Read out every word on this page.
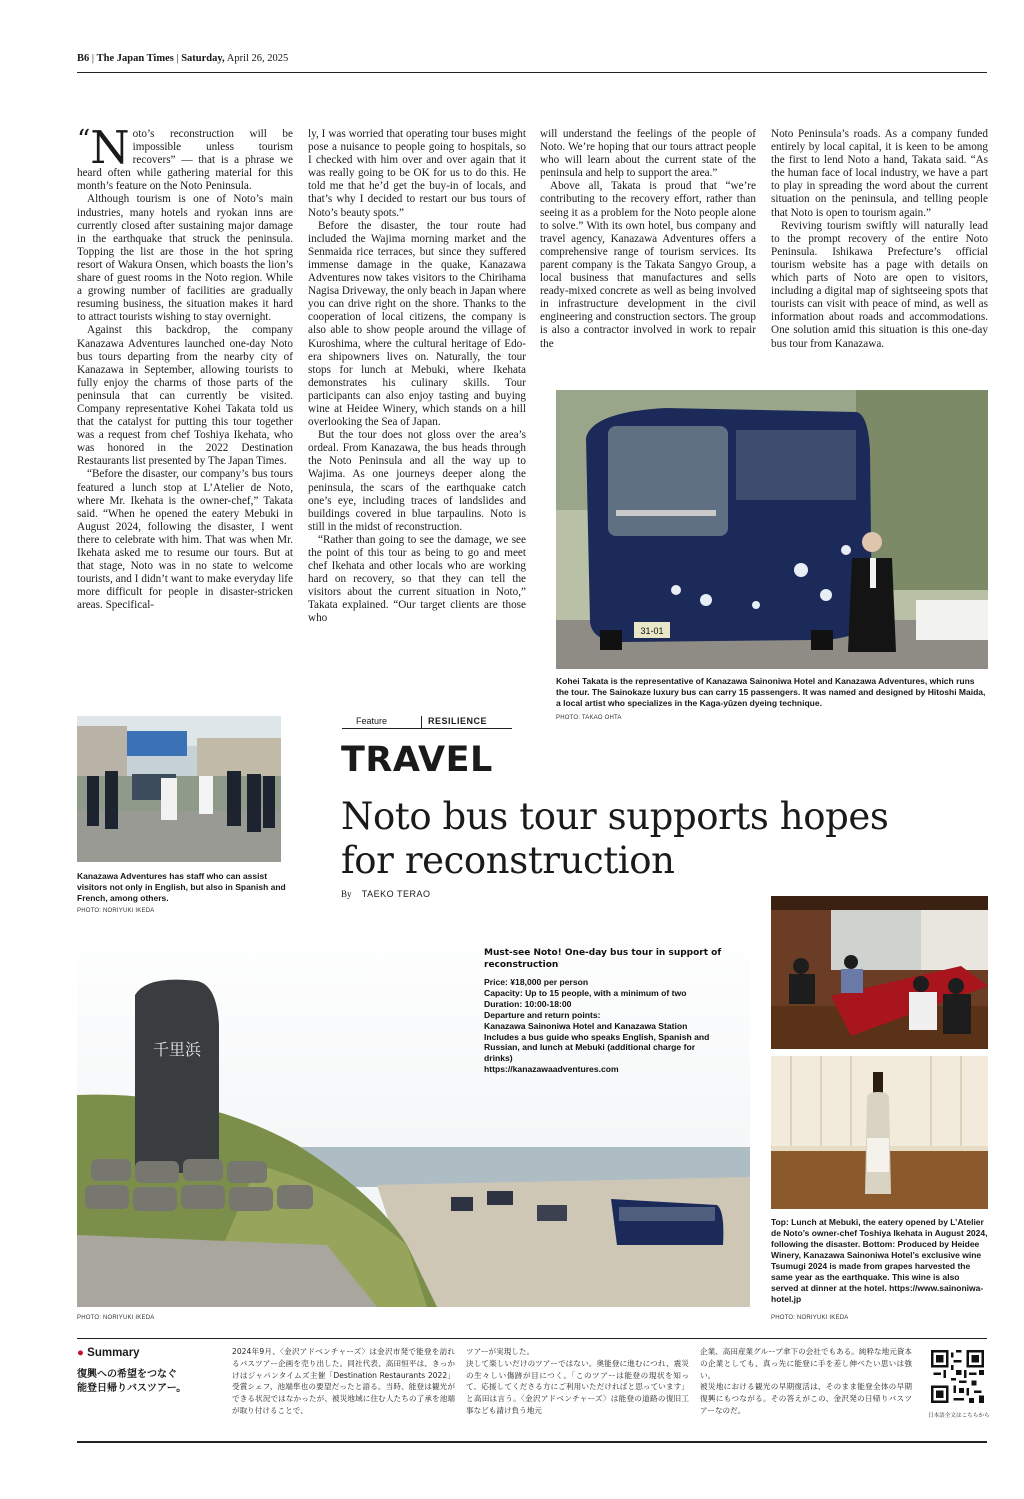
B6 | The Japan Times | Saturday, April 26, 2025

“N oto’s reconstruction will be impossible unless tourism recovers” — that is a phrase we heard often while gathering material for this month’s feature on the Noto Peninsula.

Although tourism is one of Noto’s main industries, many hotels and ryokan inns are currently closed after sustaining major damage in the earthquake that struck the peninsula. Topping the list are those in the hot spring resort of Wakura Onsen, which boasts the lion’s share of guest rooms in the Noto region. While a growing number of facilities are gradually resuming business, the situation makes it hard to attract tourists wishing to stay overnight.

Against this backdrop, the company Kanazawa Adventures launched one-day Noto bus tours departing from the nearby city of Kanazawa in September, allowing tourists to fully enjoy the charms of those parts of the peninsula that can currently be visited. Company representative Kohei Takata told us that the catalyst for putting this tour together was a request from chef Toshiya Ikehata, who was honored in the 2022 Destination Restaurants list presented by The Japan Times.

“Before the disaster, our company’s bus tours featured a lunch stop at L’Atelier de Noto, where Mr. Ikehata is the owner-chef,” Takata said. “When he opened the eatery Mebuki in August 2024, following the disaster, I went there to celebrate with him. That was when Mr. Ikehata asked me to resume our tours. But at that stage, Noto was in no state to welcome tourists, and I didn’t want to make everyday life more difficult for people in disaster-stricken areas. Specifical-

ly, I was worried that operating tour buses might pose a nuisance to people going to hospitals, so I checked with him over and over again that it was really going to be OK for us to do this. He told me that he’d get the buy-in of locals, and that’s why I decided to restart our bus tours of Noto’s beauty spots.”

Before the disaster, the tour route had included the Wajima morning market and the Senmaida rice terraces, but since they suffered immense damage in the quake, Kanazawa Adventures now takes visitors to the Chirihama Nagisa Driveway, the only beach in Japan where you can drive right on the shore. Thanks to the cooperation of local citizens, the company is also able to show people around the village of Kuroshima, where the cultural heritage of Edo-era shipowners lives on. Naturally, the tour stops for lunch at Mebuki, where Ikehata demonstrates his culinary skills. Tour participants can also enjoy tasting and buying wine at Heidee Winery, which stands on a hill overlooking the Sea of Japan.

But the tour does not gloss over the area’s ordeal. From Kanazawa, the bus heads through the Noto Peninsula and all the way up to Wajima. As one journeys deeper along the peninsula, the scars of the earthquake catch one’s eye, including traces of landslides and buildings covered in blue tarpaulins. Noto is still in the midst of reconstruction.

“Rather than going to see the damage, we see the point of this tour as being to go and meet chef Ikehata and other locals who are working hard on recovery, so that they can tell the visitors about the current situation in Noto,” Takata explained. “Our target clients are those who

will understand the feelings of the people of Noto. We’re hoping that our tours attract people who will learn about the current state of the peninsula and help to support the area.”

Above all, Takata is proud that “we’re contributing to the recovery effort, rather than seeing it as a problem for the Noto people alone to solve.” With its own hotel, bus company and travel agency, Kanazawa Adventures offers a comprehensive range of tourism services. Its parent company is the Takata Sangyo Group, a local business that manufactures and sells ready-mixed concrete as well as being involved in infrastructure development in the civil engineering and construction sectors. The group is also a contractor involved in work to repair the

Noto Peninsula’s roads. As a company funded entirely by local capital, it is keen to be among the first to lend Noto a hand, Takata said. “As the human face of local industry, we have a part to play in spreading the word about the current situation on the peninsula, and telling people that Noto is open to tourism again.”

Reviving tourism swiftly will naturally lead to the prompt recovery of the entire Noto Peninsula. Ishikawa Prefecture’s official tourism website has a page with details on which parts of Noto are open to visitors, including a digital map of sightseeing spots that tourists can visit with peace of mind, as well as information about roads and accommodations. One solution amid this situation is this one-day bus tour from Kanazawa.

31-01
Kohei Takata is the representative of Kanazawa Sainoniwa Hotel and Kanazawa Adventures, which runs the tour. The Sainokaze luxury bus can carry 15 passengers. It was named and designed by Hitoshi Maida, a local artist who specializes in the Kaga-yūzen dyeing technique.
PHOTO: TAKAO OHTA
Kanazawa Adventures has staff who can assist visitors not only in English, but also in Spanish and French, among others.
PHOTO: NORIYUKI IKEDA
Feature	RESILIENCE
TRAVEL
Noto bus tour supports hopes for reconstruction
By TAEKO TERAO
千里浜
PHOTO: NORIYUKI IKEDA
Must-see Noto! One-day bus tour in support of reconstruction
Price: ¥18,000 per person
Capacity: Up to 15 people, with a minimum of two
Duration: 10:00-18:00
Departure and return points:
Kanazawa Sainoniwa Hotel and Kanazawa Station
Includes a bus guide who speaks English, Spanish and Russian, and lunch at Mebuki (additional charge for drinks)
https://kanazawaadventures.com
Top: Lunch at Mebuki, the eatery opened by L’Atelier de Noto’s owner-chef Toshiya Ikehata in August 2024, following the disaster. Bottom: Produced by Heidee Winery, Kanazawa Sainoniwa Hotel’s exclusive wine Tsumugi 2024 is made from grapes harvested the same year as the earthquake. This wine is also served at dinner at the hotel. https://www.sainoniwa-hotel.jp
PHOTO: NORIYUKI IKEDA
● Summary
復興への希望をつなぐ
能登日帰りバスツアー。
2024年9月、〈金沢アドベンチャーズ〉は金沢市発で能登を訪れるバスツアー企画を売り出した。同社代表、高田恒平は、きっかけはジャパンタイムズ主催「Destination Restaurants 2022」受賞シェフ、池端隼也の要望だったと語る。当時、能登は観光ができる状況ではなかったが、被災地域に住む人たちの了承を池端が取り付けることで、
ツアーが実現した。
決して楽しいだけのツアーではない。奥能登に進むにつれ、震災の生々しい傷跡が目につく。「このツアーは能登の現状を知って、応援してくださる方にご利用いただければと思っています」と高田は言う。〈金沢アドベンチャーズ〉は能登の道路の復旧工事なども請け負う地元
企業、高田産業グループ傘下の会社でもある。純粋な地元資本の企業としても、真っ先に能登に手を差し伸べたい思いは強い。
被災地における観光の早期復活は、そのまま能登全体の早期復興にもつながる。その答えがこの、金沢発の日帰りバスツアーなのだ。
日本語全文はこちらから
